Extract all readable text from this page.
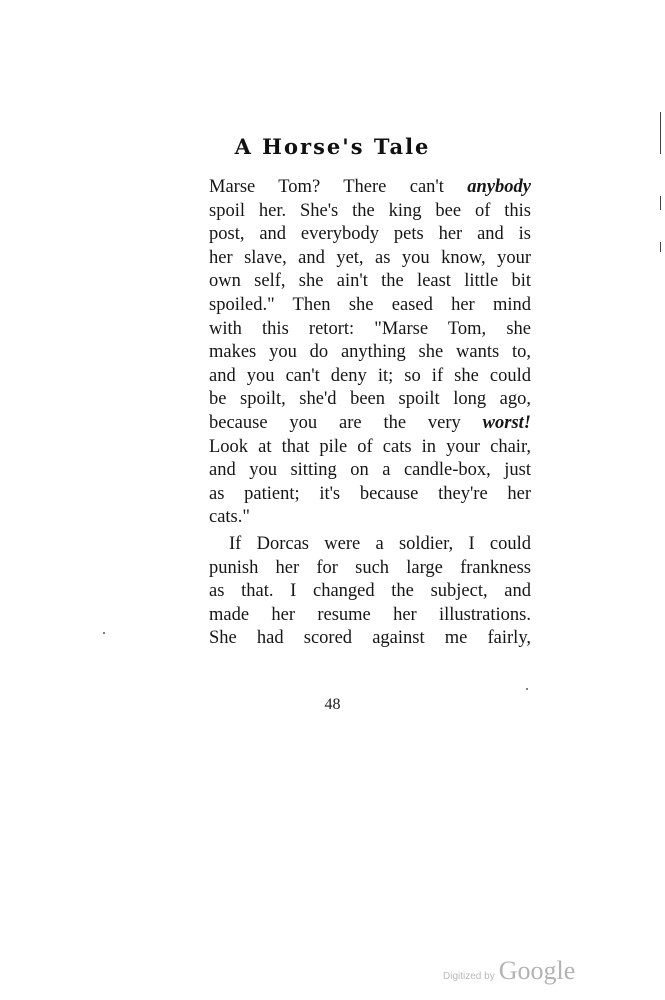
A Horse's Tale
Marse Tom? There can't anybody
spoil her. She's the king bee of this
post, and everybody pets her and is
her slave, and yet, as you know, your
own self, she ain't the least little bit
spoiled." Then she eased her mind
with this retort: "Marse Tom, she
makes you do anything she wants to,
and you can't deny it; so if she could
be spoilt, she'd been spoilt long ago,
because you are the very worst!
Look at that pile of cats in your chair,
and you sitting on a candle-box, just
as patient; it's because they're her
cats."
If Dorcas were a soldier, I could
punish her for such large frankness
as that. I changed the subject, and
made her resume her illustrations.
She had scored against me fairly,
48
Digitized by Google
